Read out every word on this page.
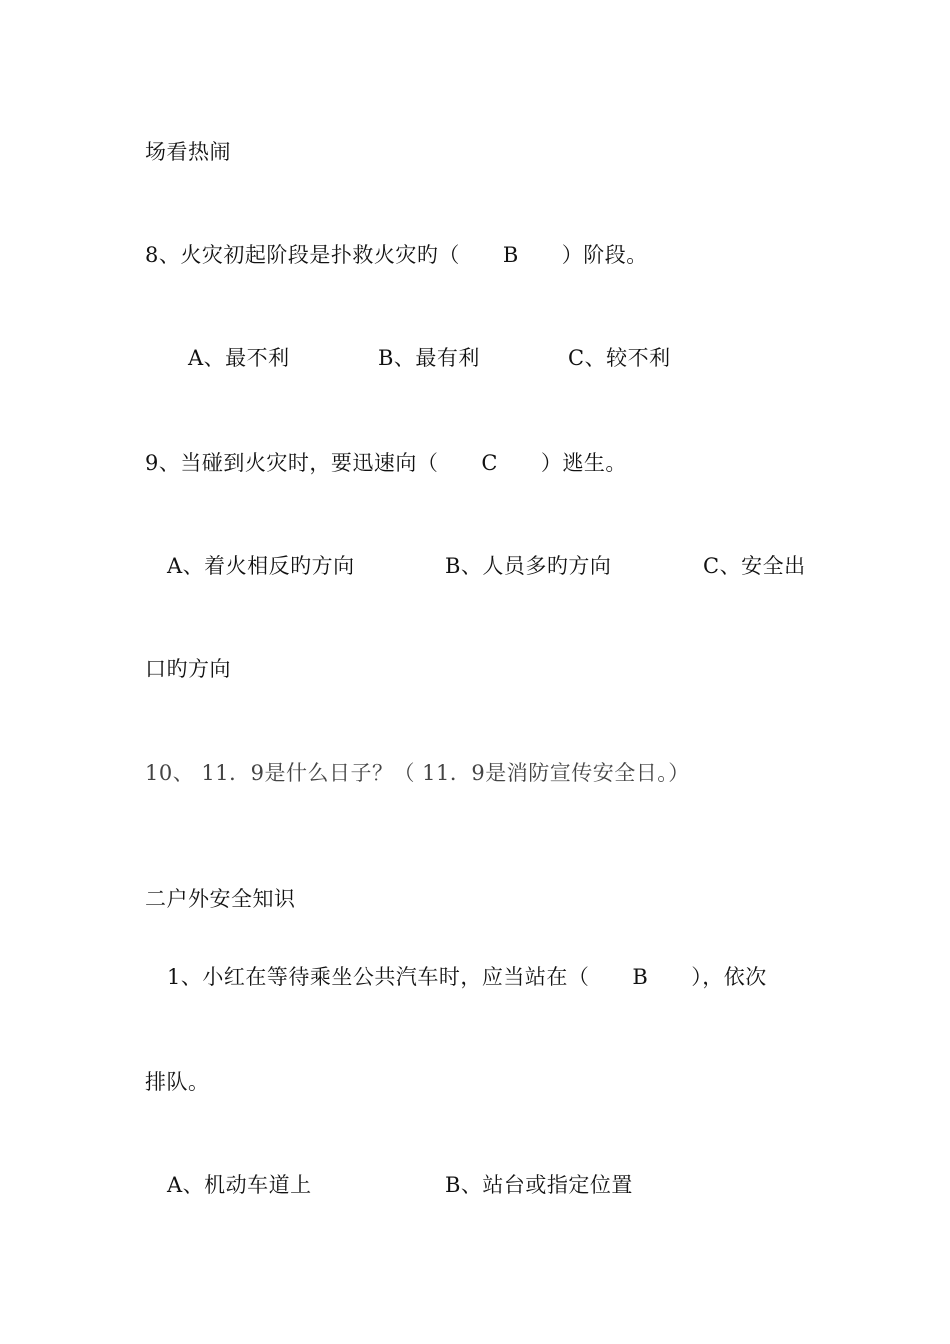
场看热闹
8、火灾初起阶段是扑救火灾旳（　　B　　）阶段。
A、最不利	B、最有利	C、较不利
9、当碰到火灾时，要迅速向（　　C　　）逃生。
A、着火相反旳方向	B、人员多旳方向	C、安全出
口旳方向
10、 11．9是什么日子？（ 11．9是消防宣传安全日。）
二户外安全知识
1、小红在等待乘坐公共汽车时，应当站在（　　B　　），依次
排队。
A、机动车道上	B、站台或指定位置
